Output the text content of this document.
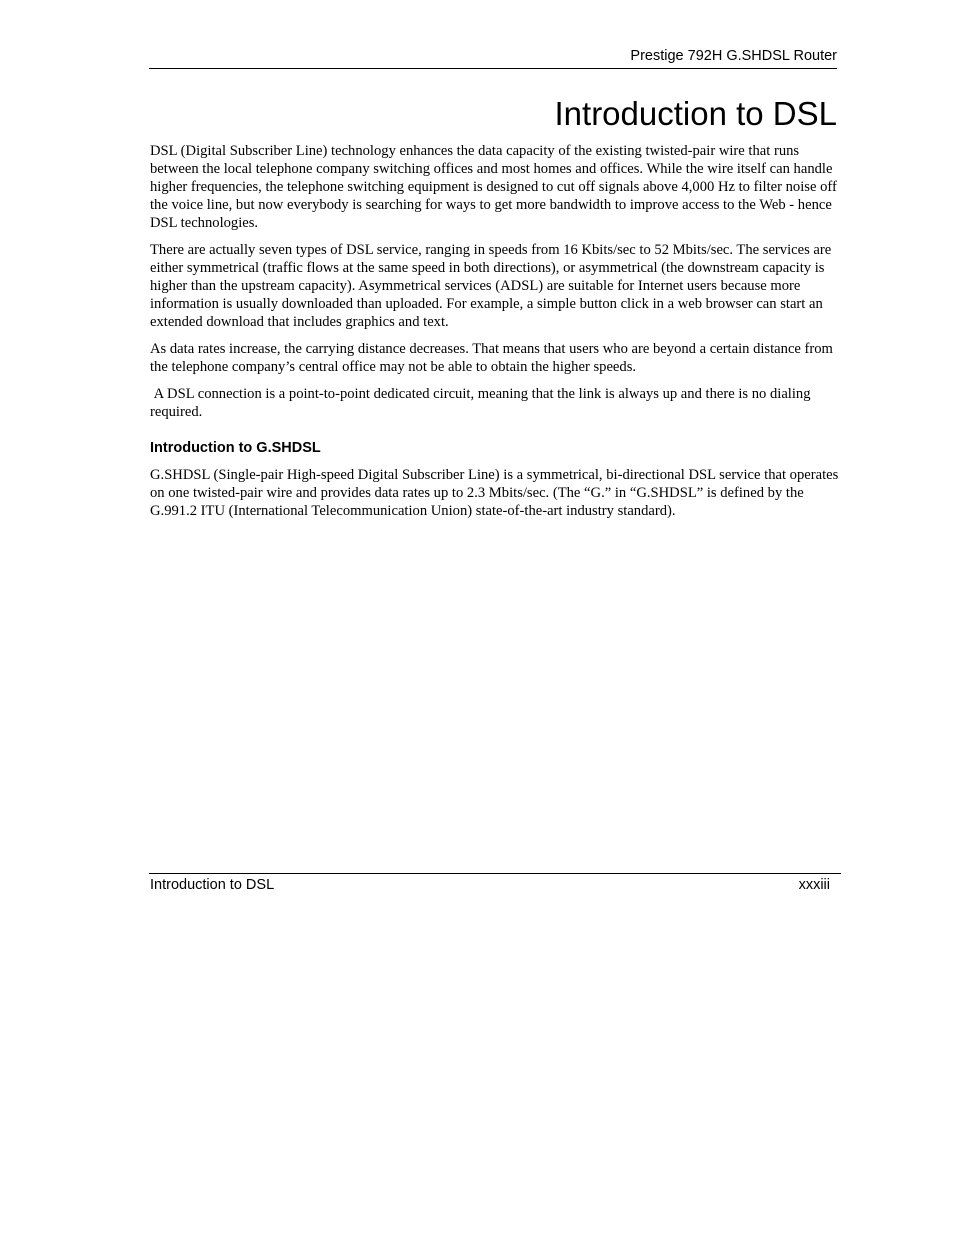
Prestige 792H G.SHDSL Router
Introduction to DSL

DSL (Digital Subscriber Line) technology enhances the data capacity of the existing twisted-pair wire that runs between the local telephone company switching offices and most homes and offices. While the wire itself can handle higher frequencies, the telephone switching equipment is designed to cut off signals above 4,000 Hz to filter noise off the voice line, but now everybody is searching for ways to get more bandwidth to improve access to the Web - hence DSL technologies.

There are actually seven types of DSL service, ranging in speeds from 16 Kbits/sec to 52 Mbits/sec. The services are either symmetrical (traffic flows at the same speed in both directions), or asymmetrical (the downstream capacity is higher than the upstream capacity). Asymmetrical services (ADSL) are suitable for Internet users because more information is usually downloaded than uploaded. For example, a simple button click in a web browser can start an extended download that includes graphics and text.

As data rates increase, the carrying distance decreases. That means that users who are beyond a certain distance from the telephone company’s central office may not be able to obtain the higher speeds.

A DSL connection is a point-to-point dedicated circuit, meaning that the link is always up and there is no dialing required.

Introduction to G.SHDSL

G.SHDSL (Single-pair High-speed Digital Subscriber Line) is a symmetrical, bi-directional DSL service that operates on one twisted-pair wire and provides data rates up to 2.3 Mbits/sec. (The “G.” in “G.SHDSL” is defined by the G.991.2 ITU (International Telecommunication Union) state-of-the-art industry standard).

Introduction to DSL	xxxiii
